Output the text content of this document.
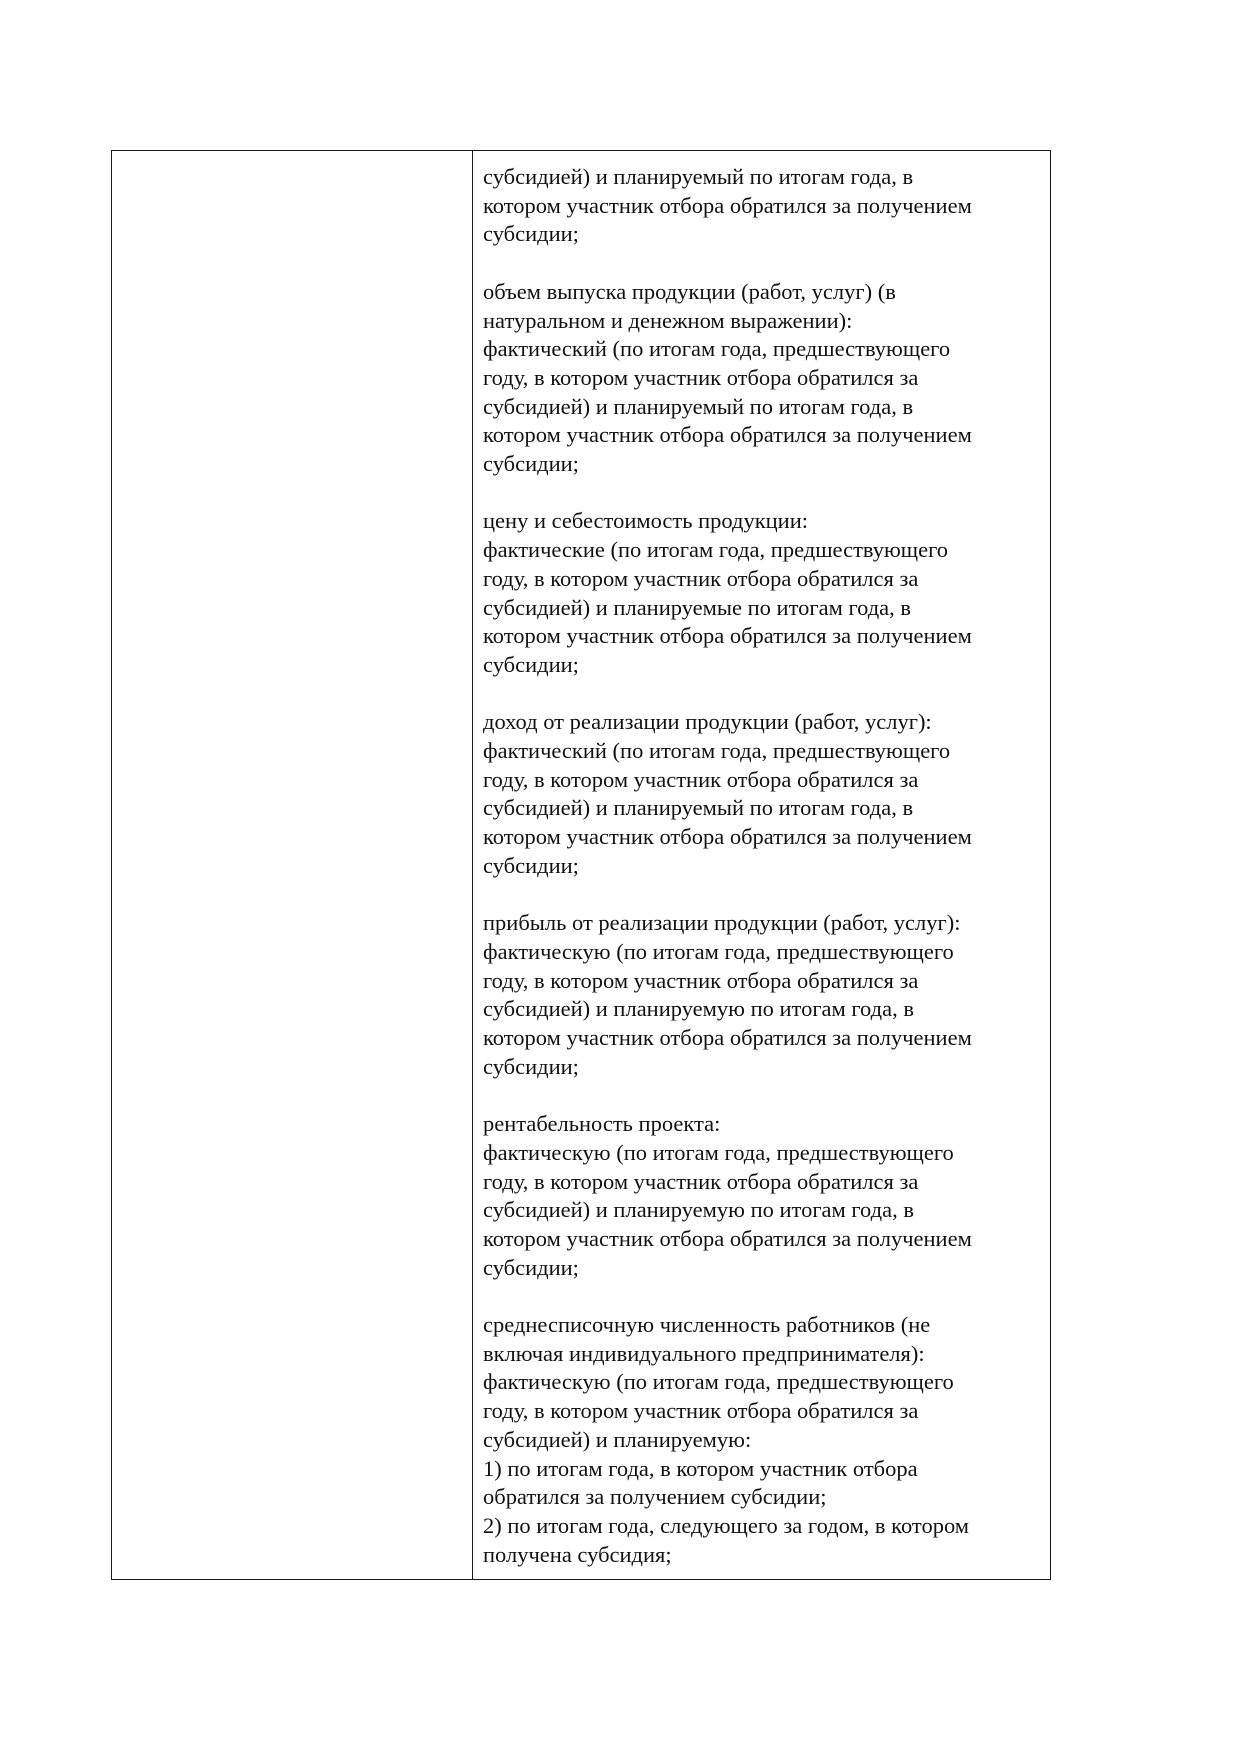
субсидией) и планируемый по итогам года, в
котором участник отбора обратился за получением
субсидии;
объем выпуска продукции (работ, услуг) (в
натуральном и денежном выражении):
фактический (по итогам года, предшествующего
году, в котором участник отбора обратился за
субсидией) и планируемый по итогам года, в
котором участник отбора обратился за получением
субсидии;
цену и себестоимость продукции:
фактические (по итогам года, предшествующего
году, в котором участник отбора обратился за
субсидией) и планируемые по итогам года, в
котором участник отбора обратился за получением
субсидии;
доход от реализации продукции (работ, услуг):
фактический (по итогам года, предшествующего
году, в котором участник отбора обратился за
субсидией) и планируемый по итогам года, в
котором участник отбора обратился за получением
субсидии;
прибыль от реализации продукции (работ, услуг):
фактическую (по итогам года, предшествующего
году, в котором участник отбора обратился за
субсидией) и планируемую по итогам года, в
котором участник отбора обратился за получением
субсидии;
рентабельность проекта:
фактическую (по итогам года, предшествующего
году, в котором участник отбора обратился за
субсидией) и планируемую по итогам года, в
котором участник отбора обратился за получением
субсидии;
среднесписочную численность работников (не
включая индивидуального предпринимателя):
фактическую (по итогам года, предшествующего
году, в котором участник отбора обратился за
субсидией) и планируемую:
1) по итогам года, в котором участник отбора
обратился за получением субсидии;
2) по итогам года, следующего за годом, в котором
получена субсидия;
